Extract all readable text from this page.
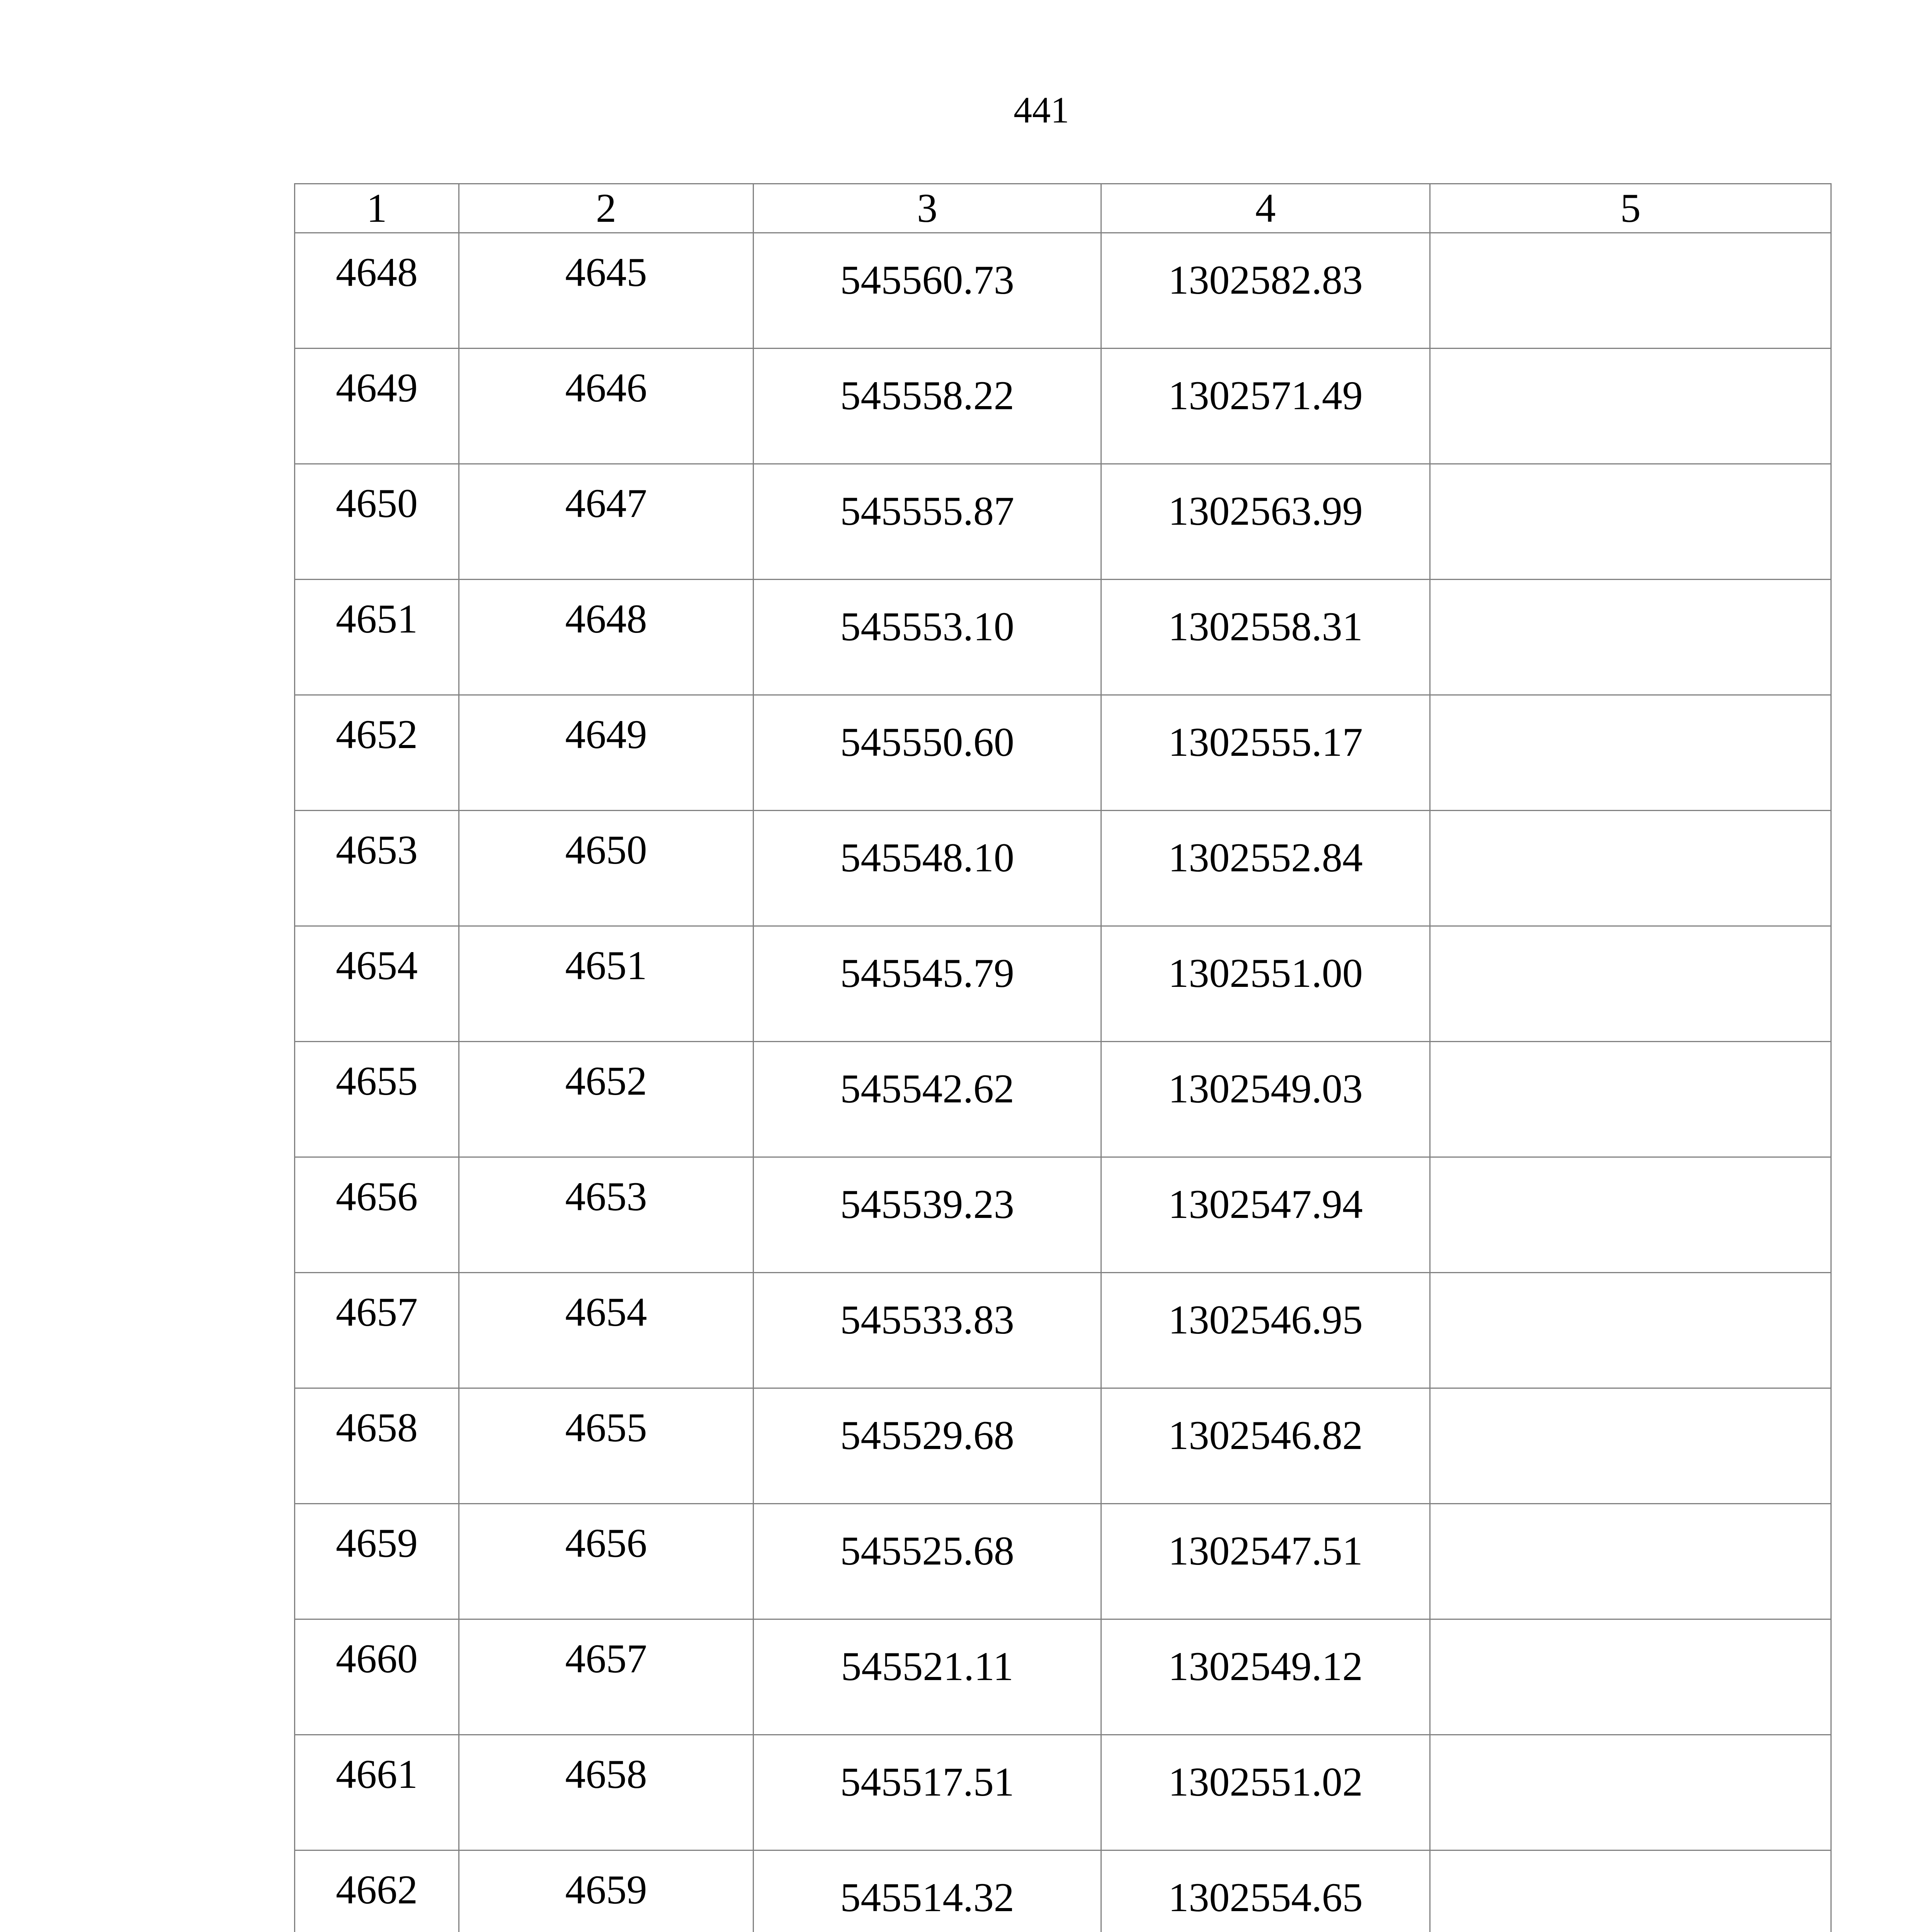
441
1	2	3	4	5
4648	4645	545560.73	1302582.83	
4649	4646	545558.22	1302571.49	
4650	4647	545555.87	1302563.99	
4651	4648	545553.10	1302558.31	
4652	4649	545550.60	1302555.17	
4653	4650	545548.10	1302552.84	
4654	4651	545545.79	1302551.00	
4655	4652	545542.62	1302549.03	
4656	4653	545539.23	1302547.94	
4657	4654	545533.83	1302546.95	
4658	4655	545529.68	1302546.82	
4659	4656	545525.68	1302547.51	
4660	4657	545521.11	1302549.12	
4661	4658	545517.51	1302551.02	
4662	4659	545514.32	1302554.65	
